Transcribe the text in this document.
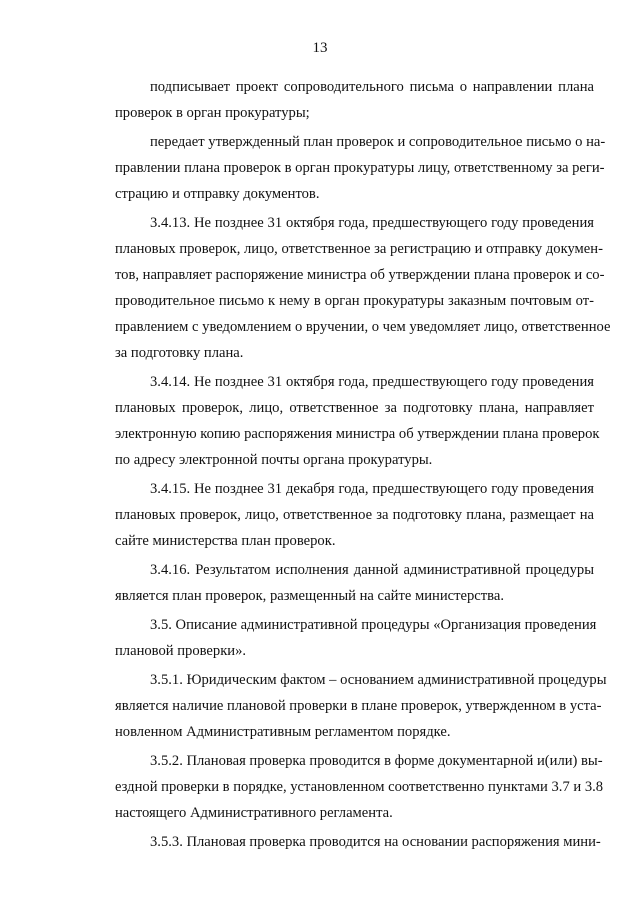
13
подписывает проект сопроводительного письма о направлении плана
проверок в орган прокуратуры;
передает утвержденный план проверок и сопроводительное письмо о на-
правлении плана проверок в орган прокуратуры лицу, ответственному за реги-
страцию и отправку документов.
3.4.13. Не позднее 31 октября года, предшествующего году проведения
плановых проверок, лицо, ответственное за регистрацию и отправку докумен-
тов, направляет распоряжение министра об утверждении плана проверок и со-
проводительное письмо к нему в орган прокуратуры заказным почтовым от-
правлением с уведомлением о вручении, о чем уведомляет лицо, ответственное
за подготовку плана.
3.4.14. Не позднее 31 октября года, предшествующего году проведения
плановых проверок, лицо, ответственное за подготовку плана, направляет
электронную копию распоряжения министра об утверждении плана проверок
по адресу электронной почты органа прокуратуры.
3.4.15. Не позднее 31 декабря года, предшествующего году проведения
плановых проверок, лицо, ответственное за подготовку плана, размещает на
сайте министерства план проверок.
3.4.16. Результатом исполнения данной административной процедуры
является план проверок, размещенный на сайте министерства.
3.5. Описание административной процедуры «Организация проведения
плановой проверки».
3.5.1. Юридическим фактом – основанием административной процедуры
является наличие плановой проверки в плане проверок, утвержденном в уста-
новленном Административным регламентом порядке.
3.5.2. Плановая проверка проводится в форме документарной и(или) вы-
ездной проверки в порядке, установленном соответственно пунктами 3.7 и 3.8
настоящего Административного регламента.
3.5.3. Плановая проверка проводится на основании распоряжения мини-
